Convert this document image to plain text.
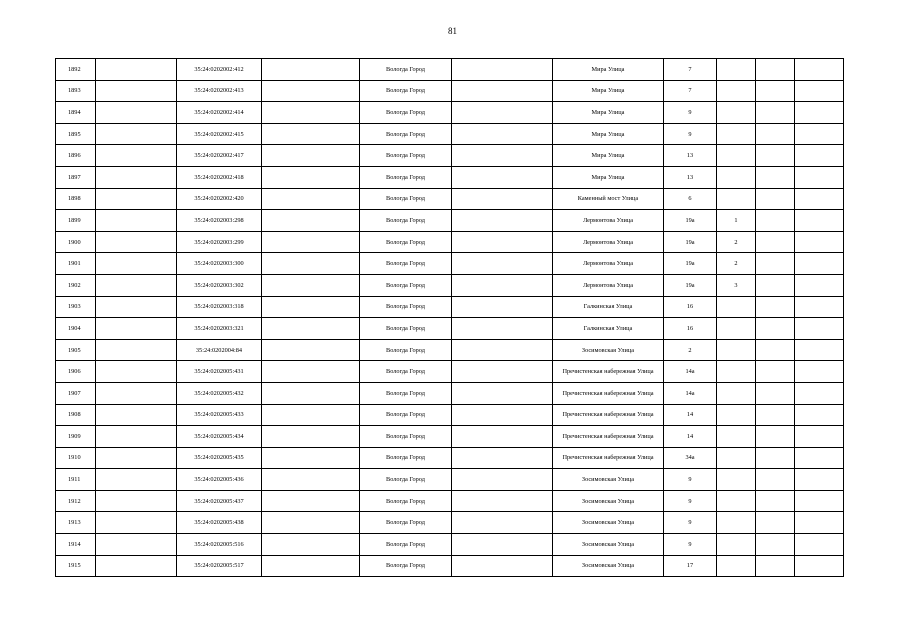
81
1892		35:24:0202002:412		Вологда Город		Мира Улица	7			
1893		35:24:0202002:413		Вологда Город		Мира Улица	7			
1894		35:24:0202002:414		Вологда Город		Мира Улица	9			
1895		35:24:0202002:415		Вологда Город		Мира Улица	9			
1896		35:24:0202002:417		Вологда Город		Мира Улица	13			
1897		35:24:0202002:418		Вологда Город		Мира Улица	13			
1898		35:24:0202002:420		Вологда Город		Каменный мост Улица	6			
1899		35:24:0202003:298		Вологда Город		Лермонтова Улица	19а	1		
1900		35:24:0202003:299		Вологда Город		Лермонтова Улица	19а	2		
1901		35:24:0202003:300		Вологда Город		Лермонтова Улица	19а	2		
1902		35:24:0202003:302		Вологда Город		Лермонтова Улица	19а	3		
1903		35:24:0202003:318		Вологда Город		Галкинская Улица	16			
1904		35:24:0202003:321		Вологда Город		Галкинская Улица	16			
1905		35:24:0202004:84		Вологда Город		Зосимовская Улица	2			
1906		35:24:0202005:431		Вологда Город		Пречистенская набережная Улица	14а			
1907		35:24:0202005:432		Вологда Город		Пречистенская набережная Улица	14а			
1908		35:24:0202005:433		Вологда Город		Пречистенская набережная Улица	14			
1909		35:24:0202005:434		Вологда Город		Пречистенская набережная Улица	14			
1910		35:24:0202005:435		Вологда Город		Пречистенская набережная Улица	34а			
1911		35:24:0202005:436		Вологда Город		Зосимовская Улица	9			
1912		35:24:0202005:437		Вологда Город		Зосимовская Улица	9			
1913		35:24:0202005:438		Вологда Город		Зосимовская Улица	9			
1914		35:24:0202005:516		Вологда Город		Зосимовская Улица	9			
1915		35:24:0202005:517		Вологда Город		Зосимовская Улица	17			
